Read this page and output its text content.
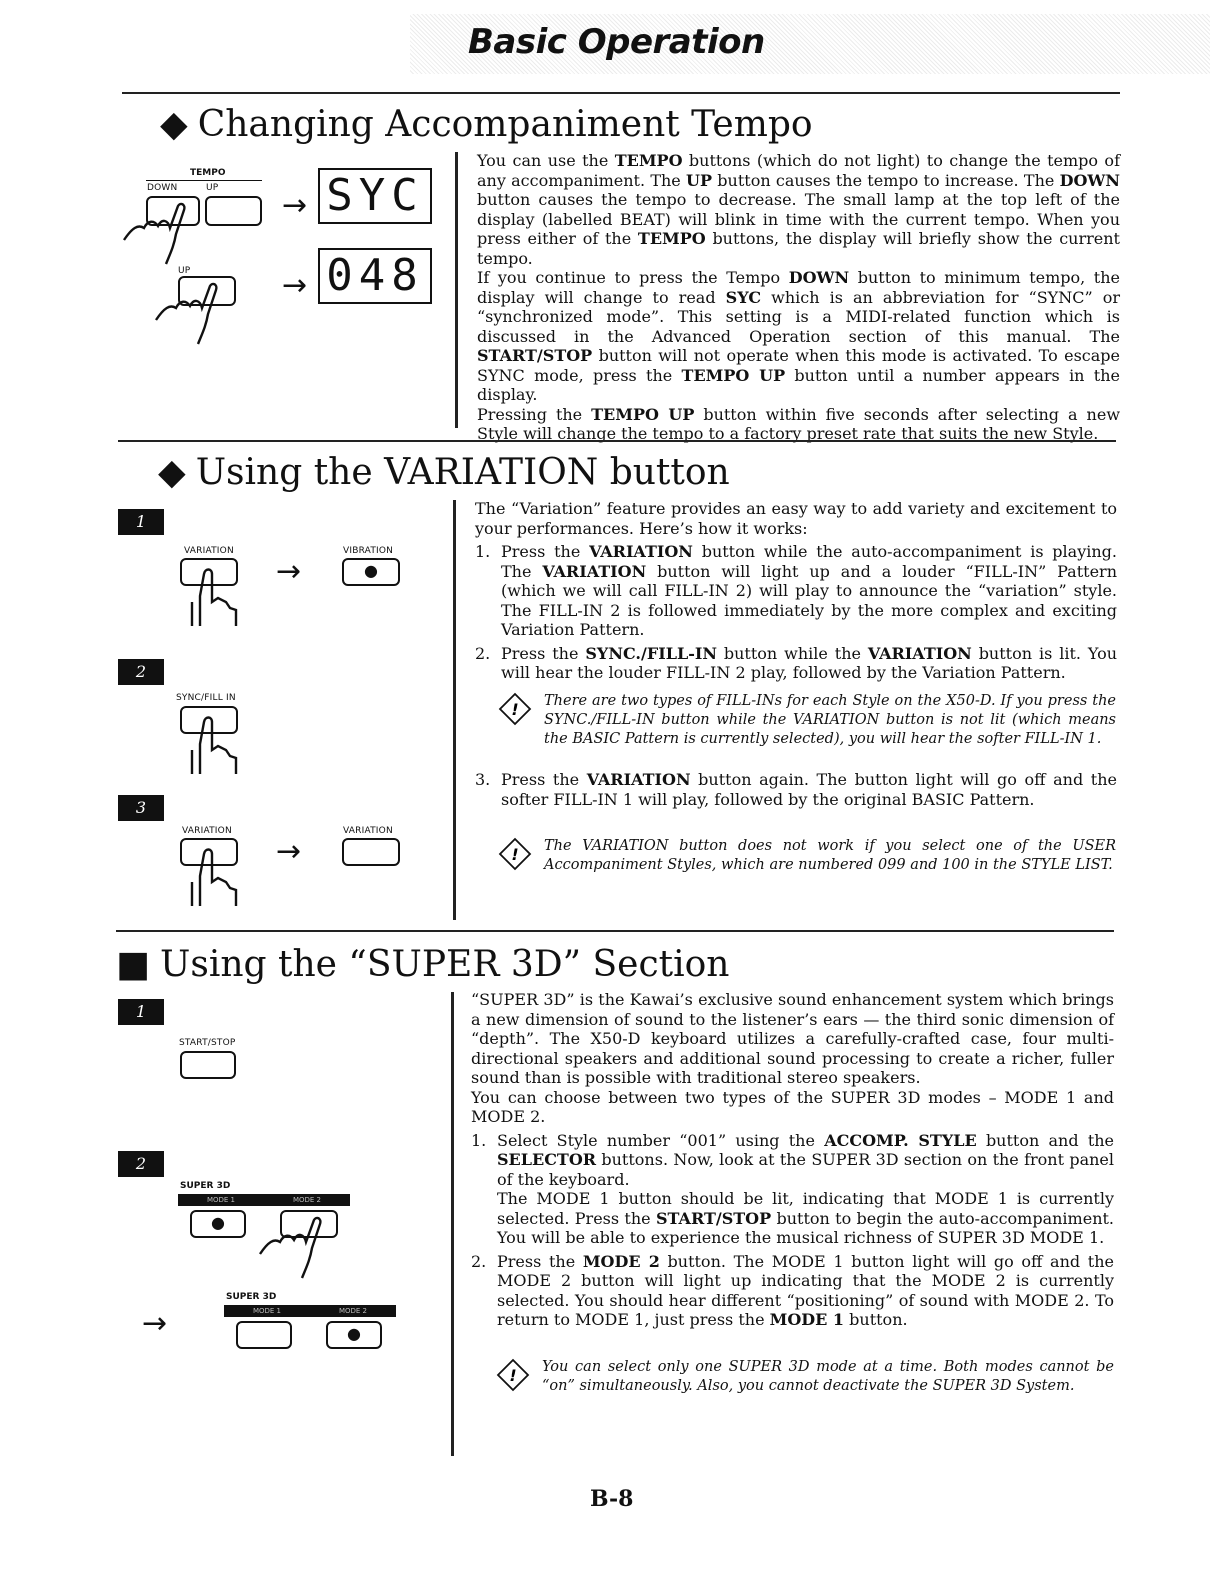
Basic Operation
◆ Changing Accompaniment Tempo
TEMPO
DOWN	UP → SYC
UP	→ 048

You can use the TEMPO buttons (which do not light) to change the tempo of any accompaniment. The UP button causes the tempo to increase. The DOWN button causes the tempo to decrease. The small lamp at the top left of the display (labelled BEAT) will blink in time with the current tempo. When you press either of the TEMPO buttons, the display will briefly show the current tempo.

If you continue to press the Tempo DOWN button to minimum tempo, the display will change to read SYC which is an abbreviation for “SYNC” or “synchronized mode”. This setting is a MIDI-related function which is discussed in the Advanced Operation section of this manual. The START/STOP button will not operate when this mode is activated. To escape SYNC mode, press the TEMPO UP button until a number appears in the display.

Pressing the TEMPO UP button within five seconds after selecting a new Style will change the tempo to a factory preset rate that suits the new Style.

◆ Using the VARIATION button
1
VARIATION	VIBRATION
→	●
2
SYNC/FILL IN
3
VARIATION	VARIATION
→

The “Variation” feature provides an easy way to add variety and excitement to your performances. Here’s how it works:

1. Press the VARIATION button while the auto-accompaniment is playing. The VARIATION button will light up and a louder “FILL-IN” Pattern (which we will call FILL-IN 2) will play to announce the “variation” style. The FILL-IN 2 is followed immediately by the more complex and exciting Variation Pattern.
2. Press the SYNC./FILL-IN button while the VARIATION button is lit. You will hear the louder FILL-IN 2 play, followed by the Variation Pattern.
! There are two types of FILL-INs for each Style on the X50-D. If you press the SYNC./FILL-IN button while the VARIATION button is not lit (which means the BASIC Pattern is currently selected), you will hear the softer FILL-IN 1.
3. Press the VARIATION button again. The button light will go off and the softer FILL-IN 1 will play, followed by the original BASIC Pattern.
! The VARIATION button does not work if you select one of the USER Accompaniment Styles, which are numbered 099 and 100 in the STYLE LIST.
■ Using the “SUPER 3D” Section
1
START/STOP
2
SUPER 3D
MODE 1	MODE 2
●
SUPER 3D
MODE 1	MODE 2
→	●

“SUPER 3D” is the Kawai’s exclusive sound enhancement system which brings a new dimension of sound to the listener’s ears — the third sonic dimension of “depth”. The X50-D keyboard utilizes a carefully-crafted case, four multi-directional speakers and additional sound processing to create a richer, fuller sound than is possible with traditional stereo speakers.

You can choose between two types of the SUPER 3D modes – MODE 1 and MODE 2.

1. Select Style number “001” using the ACCOMP. STYLE button and the SELECTOR buttons. Now, look at the SUPER 3D section on the front panel of the keyboard.
The MODE 1 button should be lit, indicating that MODE 1 is currently selected. Press the START/STOP button to begin the auto-accompaniment. You will be able to experience the musical richness of SUPER 3D MODE 1.
2. Press the MODE 2 button. The MODE 1 button light will go off and the MODE 2 button will light up indicating that the MODE 2 is currently selected. You should hear different “positioning” of sound with MODE 2. To return to MODE 1, just press the MODE 1 button.
! You can select only one SUPER 3D mode at a time. Both modes cannot be “on” simultaneously. Also, you cannot deactivate the SUPER 3D System.
B-8
